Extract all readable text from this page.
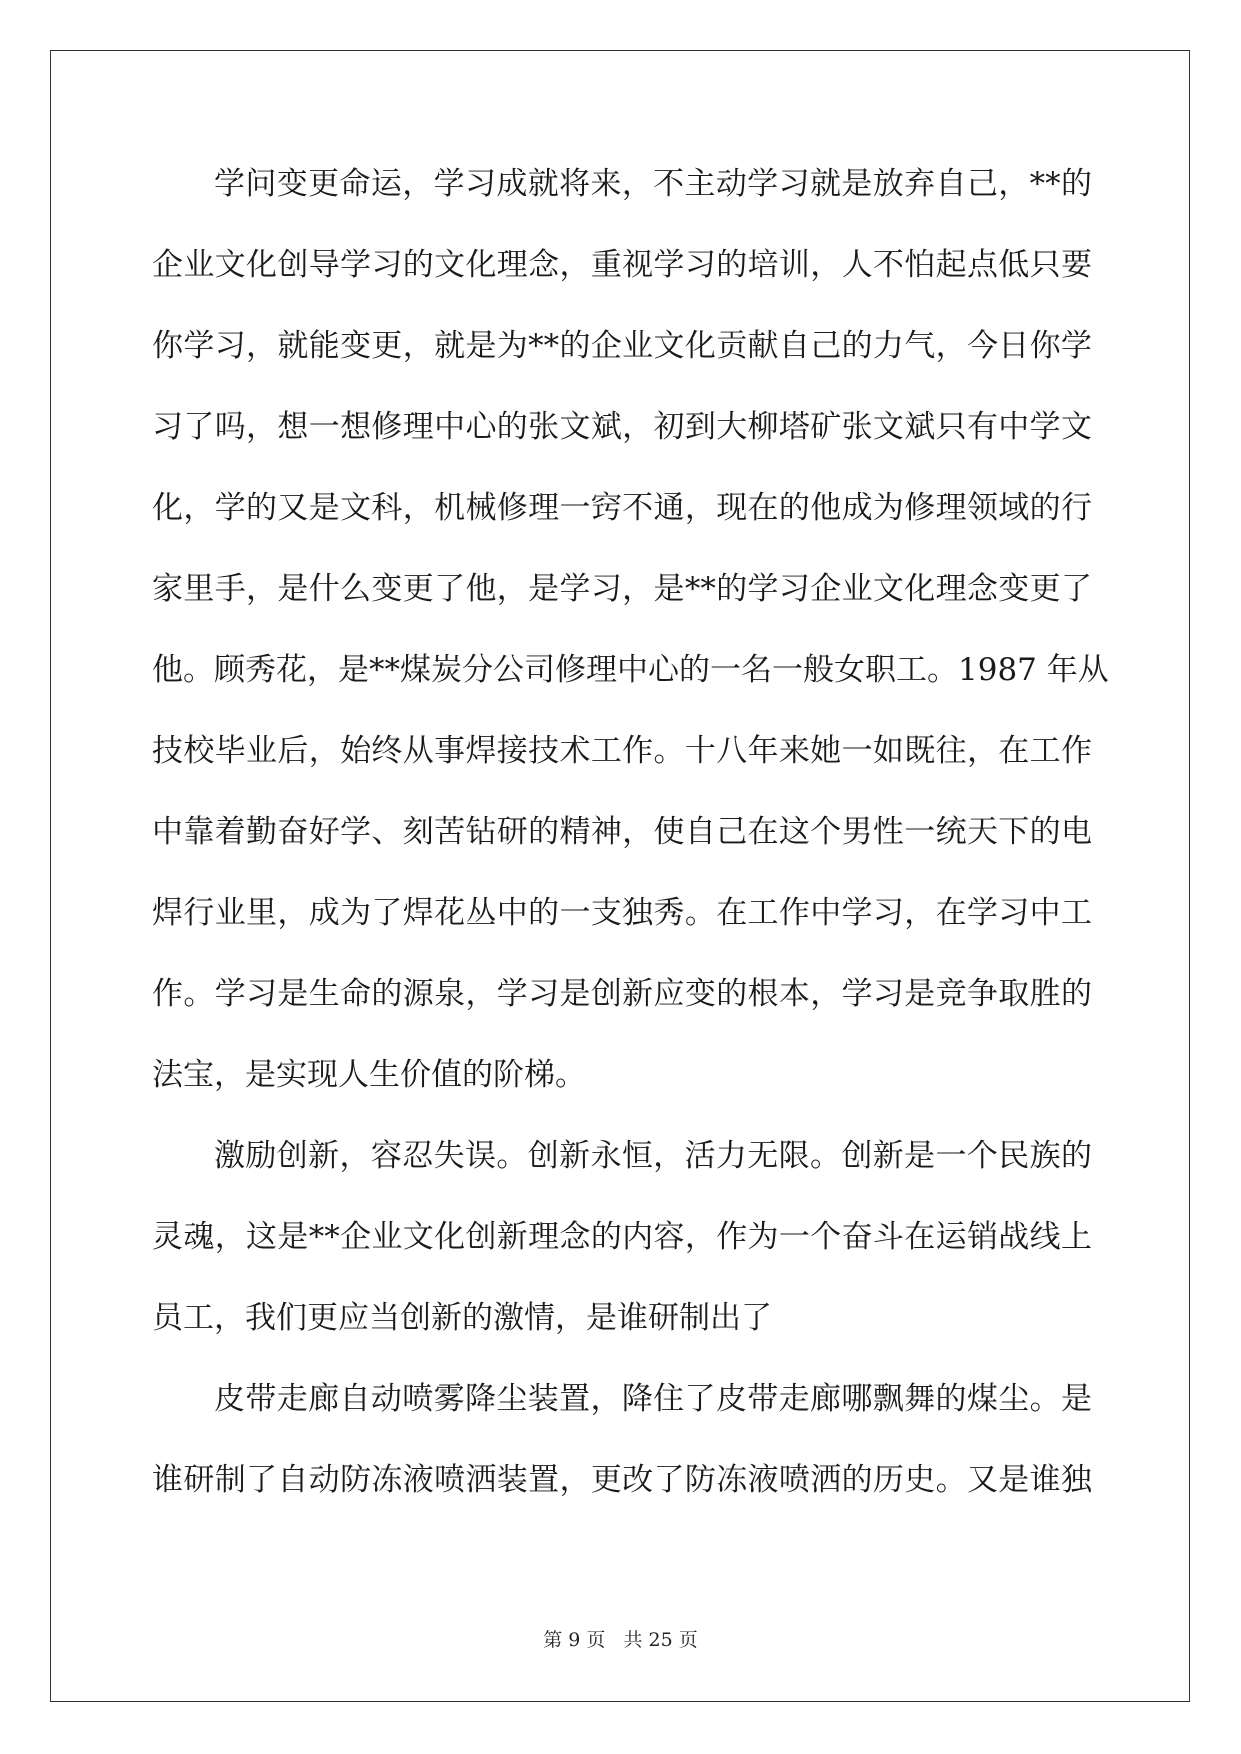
学问变更命运，学习成就将来，不主动学习就是放弃自己，**的
企业文化创导学习的文化理念，重视学习的培训，人不怕起点低只要
你学习，就能变更，就是为**的企业文化贡献自己的力气，今日你学
习了吗，想一想修理中心的张文斌，初到大柳塔矿张文斌只有中学文
化，学的又是文科，机械修理一窍不通，现在的他成为修理领域的行
家里手，是什么变更了他，是学习，是**的学习企业文化理念变更了
他。顾秀花，是**煤炭分公司修理中心的一名一般女职工。1987 年从
技校毕业后，始终从事焊接技术工作。十八年来她一如既往，在工作
中靠着勤奋好学、刻苦钻研的精神，使自己在这个男性一统天下的电
焊行业里，成为了焊花丛中的一支独秀。在工作中学习，在学习中工
作。学习是生命的源泉，学习是创新应变的根本，学习是竞争取胜的
法宝，是实现人生价值的阶梯。
激励创新，容忍失误。创新永恒，活力无限。创新是一个民族的
灵魂，这是**企业文化创新理念的内容，作为一个奋斗在运销战线上
员工，我们更应当创新的激情，是谁研制出了
皮带走廊自动喷雾降尘装置，降住了皮带走廊哪飘舞的煤尘。是
谁研制了自动防冻液喷洒装置，更改了防冻液喷洒的历史。又是谁独
第 9 页 共 25 页
